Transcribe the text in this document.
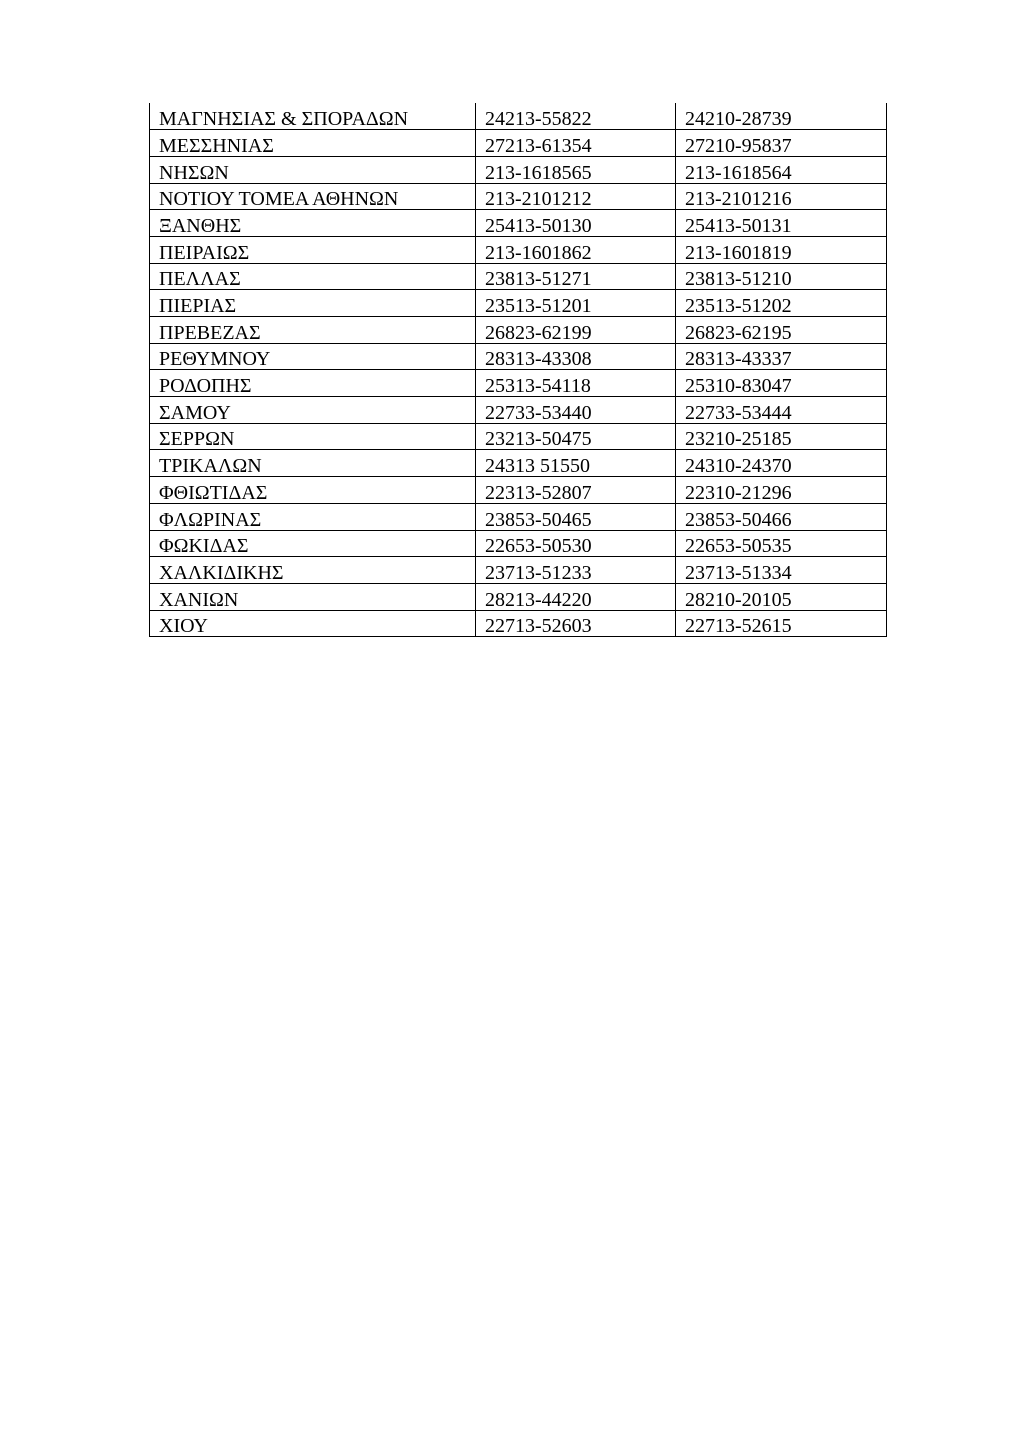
ΜΑΓΝΗΣΙΑΣ & ΣΠΟΡΑΔΩΝ	24213-55822	24210-28739
ΜΕΣΣΗΝΙΑΣ	27213-61354	27210-95837
ΝΗΣΩΝ	213-1618565	213-1618564
ΝΟΤΙΟΥ ΤΟΜΕΑ ΑΘΗΝΩΝ	213-2101212	213-2101216
ΞΑΝΘΗΣ	25413-50130	25413-50131
ΠΕΙΡΑΙΩΣ	213-1601862	213-1601819
ΠΕΛΛΑΣ	23813-51271	23813-51210
ΠΙΕΡΙΑΣ	23513-51201	23513-51202
ΠΡΕΒΕΖΑΣ	26823-62199	26823-62195
ΡΕΘΥΜΝΟΥ	28313-43308	28313-43337
ΡΟΔΟΠΗΣ	25313-54118	25310-83047
ΣΑΜΟΥ	22733-53440	22733-53444
ΣΕΡΡΩΝ	23213-50475	23210-25185
ΤΡΙΚΑΛΩΝ	24313 51550	24310-24370
ΦΘΙΩΤΙΔΑΣ	22313-52807	22310-21296
ΦΛΩΡΙΝΑΣ	23853-50465	23853-50466
ΦΩΚΙΔΑΣ	22653-50530	22653-50535
ΧΑΛΚΙΔΙΚΗΣ	23713-51233	23713-51334
ΧΑΝΙΩΝ	28213-44220	28210-20105
ΧΙΟΥ	22713-52603	22713-52615
